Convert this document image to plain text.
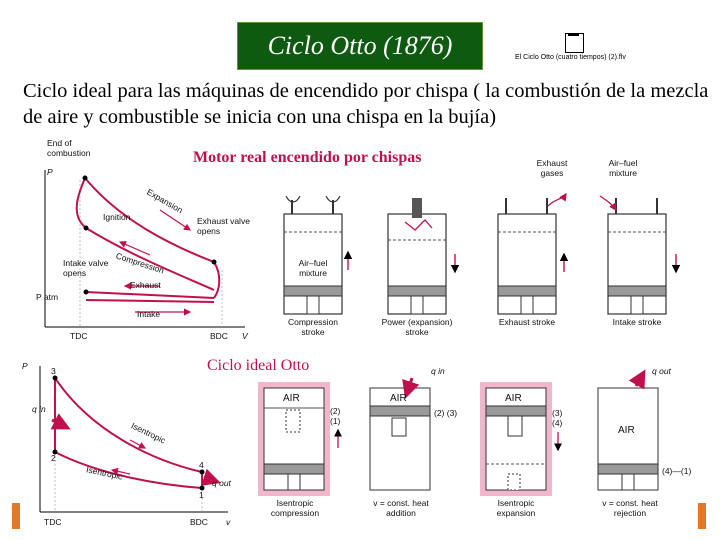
Ciclo Otto (1876)	El Ciclo Otto (cuatro tiempos) (2).flv
Ciclo ideal para las máquinas de encendido por chispa ( la combustión de la mezcla de aire y combustible se inicia con una chispa en la bujía)
Motor real encendido por chispas
Ciclo ideal Otto
End of combustion
P
Ignition
Expansion
Exhaust valve opens
Intake valve opens	Compression
Exhaust
P atm
Intake
TDC	BDC V
Compression stroke
Air–fuel mixture
Power (expansion) stroke
Exhaust stroke
Exhaust gases
Intake stroke
Air–fuel mixture
P	3
2
4
1
q in
q out
Isentropic
Isentropic
TDC	BDC v
AIR
(2) (1)
Isentropic compression
AIR
q in
(2) (3)
v = const. heat addition
AIR
(3) (4)
Isentropic expansion
AIR
q out
(4)—(1)
v = const. heat rejection
